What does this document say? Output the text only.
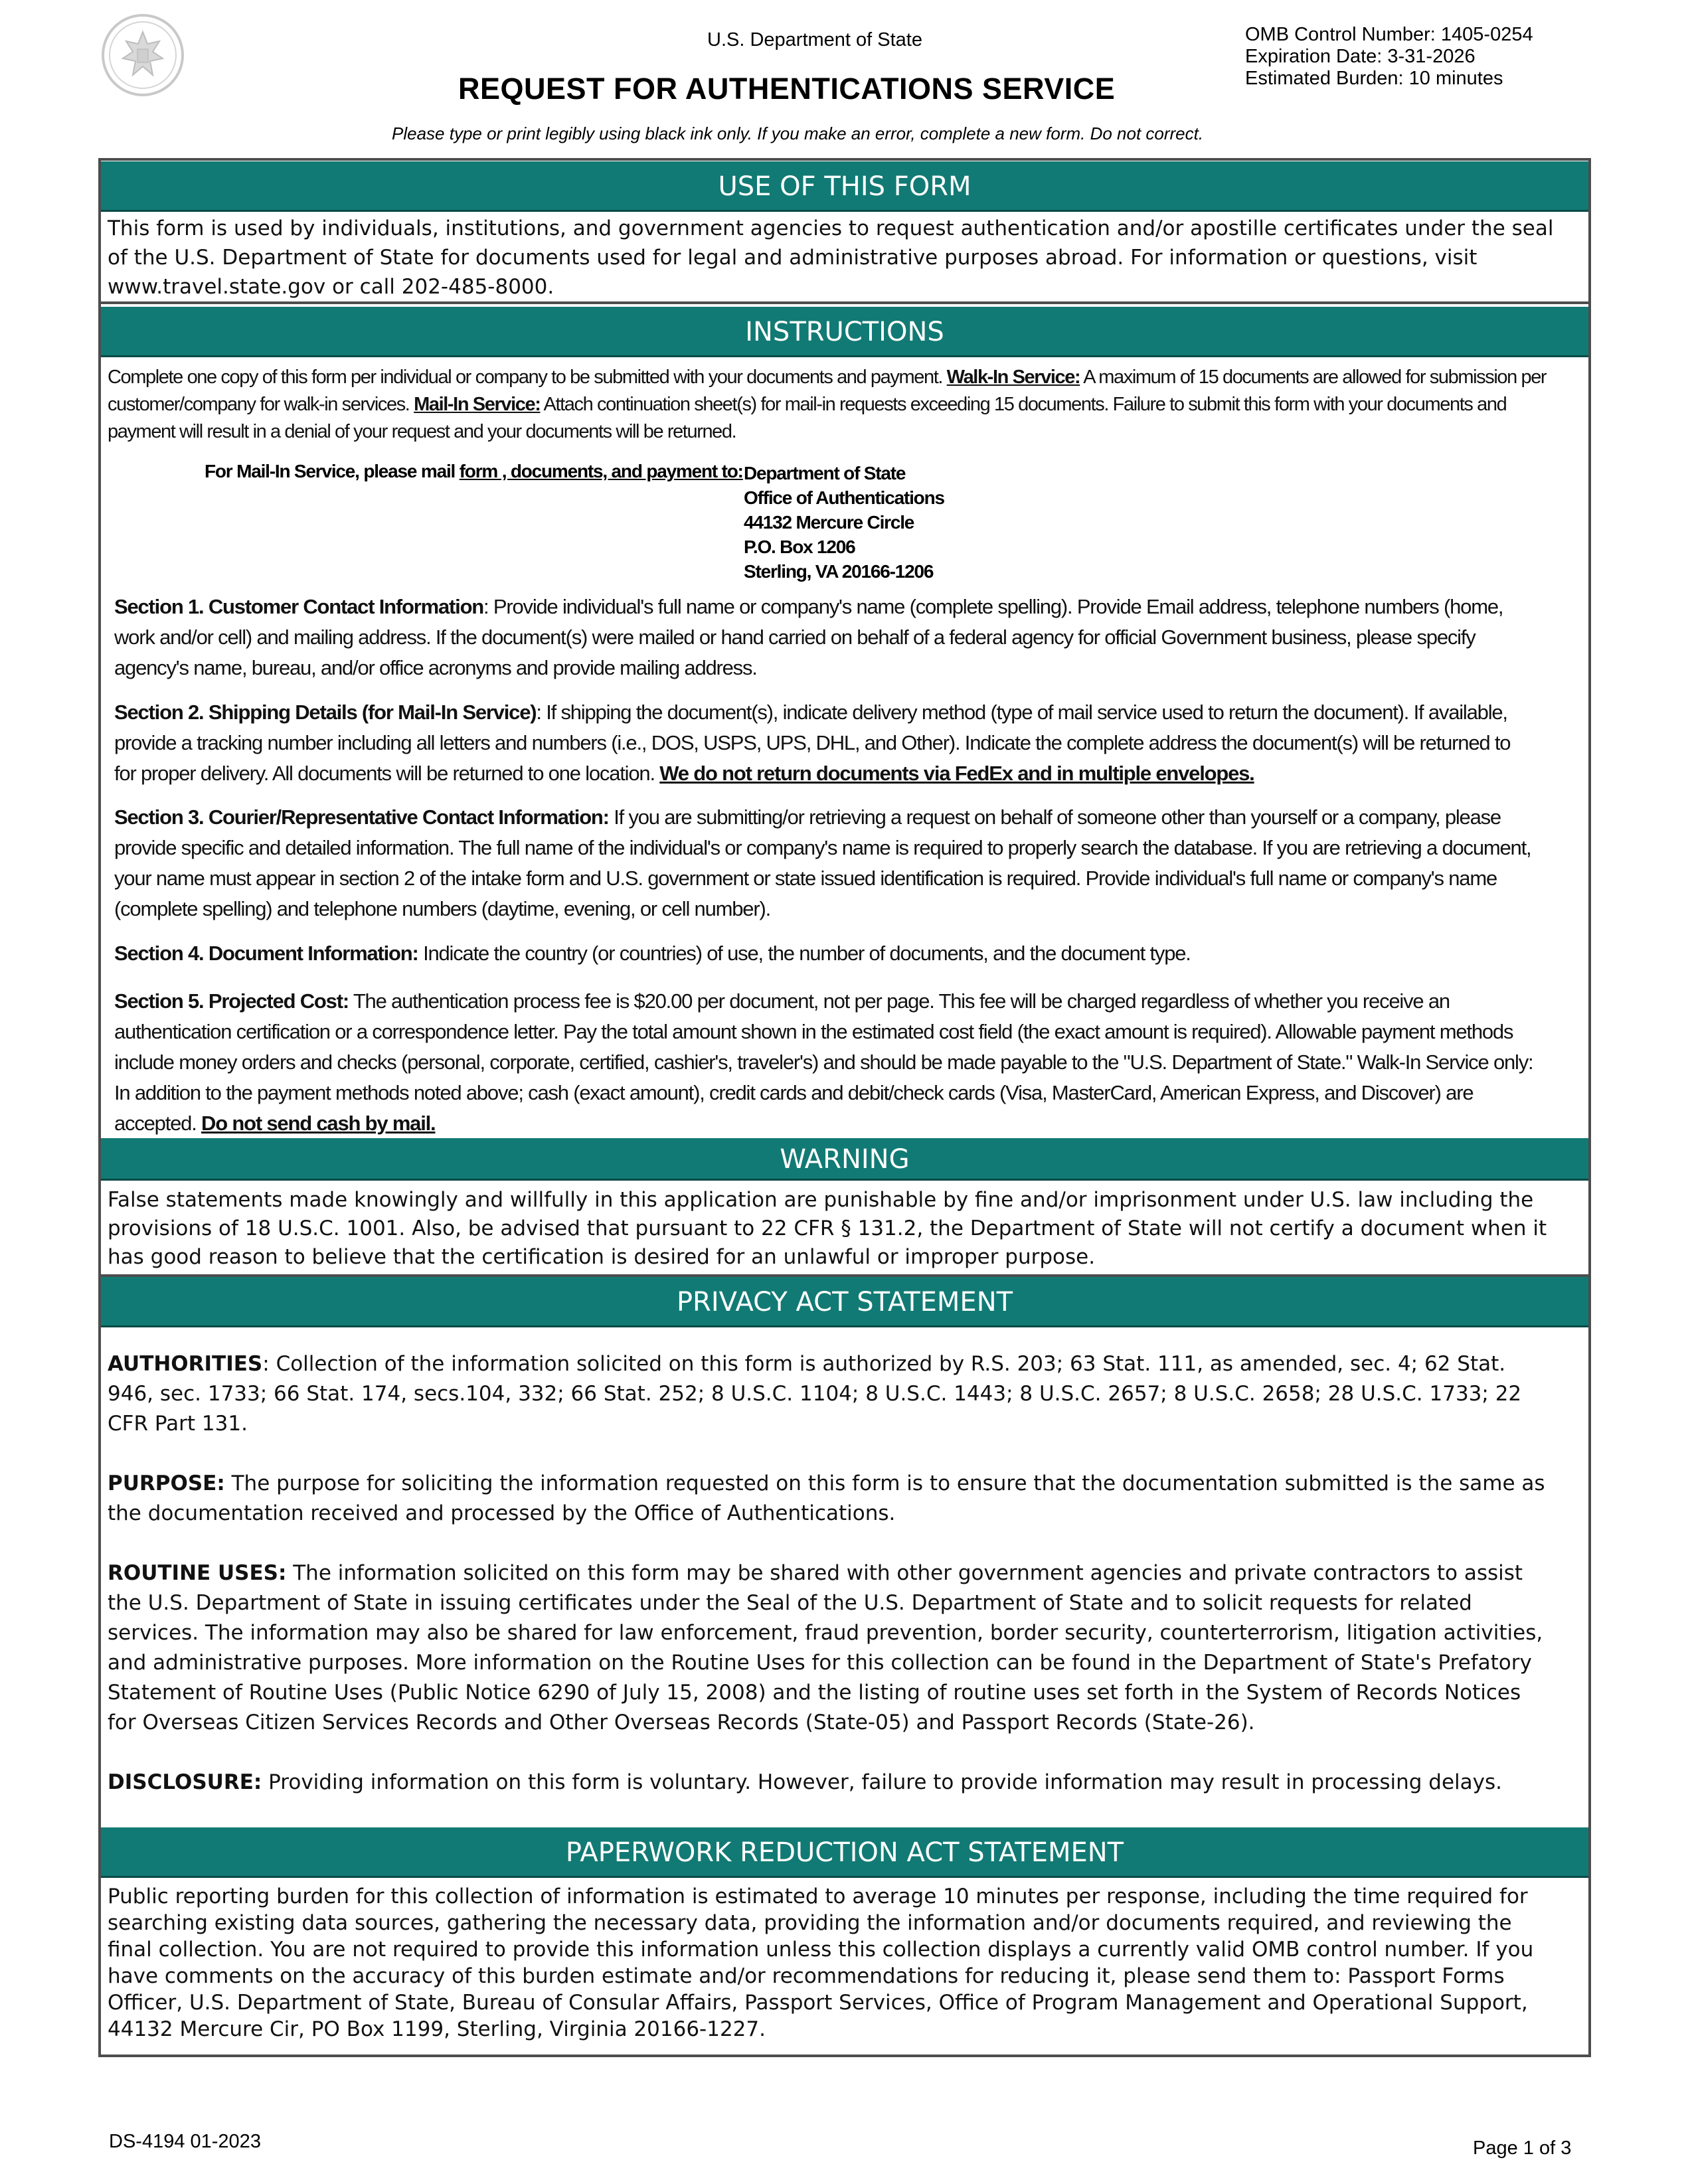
U.S. Department of State
REQUEST FOR AUTHENTICATIONS SERVICE
OMB Control Number: 1405-0254
Expiration Date: 3-31-2026
Estimated Burden: 10 minutes
Please type or print legibly using black ink only. If you make an error, complete a new form. Do not correct.
USE OF THIS FORM
This form is used by individuals, institutions, and government agencies to request authentication and/or apostille certificates under the seal of the U.S. Department of State for documents used for legal and administrative purposes abroad. For information or questions, visit www.travel.state.gov or call 202-485-8000.
INSTRUCTIONS
Complete one copy of this form per individual or company to be submitted with your documents and payment. Walk-In Service: A maximum of 15 documents are allowed for submission per customer/company for walk-in services. Mail-In Service: Attach continuation sheet(s) for mail-in requests exceeding 15 documents. Failure to submit this form with your documents and payment will result in a denial of your request and your documents will be returned.
For Mail-In Service, please mail form , documents, and payment to: Department of State
Office of Authentications
44132 Mercure Circle
P.O. Box 1206
Sterling, VA 20166-1206
Section 1. Customer Contact Information: Provide individual's full name or company's name (complete spelling). Provide Email address, telephone numbers (home, work and/or cell) and mailing address. If the document(s) were mailed or hand carried on behalf of a federal agency for official Government business, please specify agency's name, bureau, and/or office acronyms and provide mailing address.
Section 2. Shipping Details (for Mail-In Service): If shipping the document(s), indicate delivery method (type of mail service used to return the document). If available, provide a tracking number including all letters and numbers (i.e., DOS, USPS, UPS, DHL, and Other). Indicate the complete address the document(s) will be returned to for proper delivery. All documents will be returned to one location. We do not return documents via FedEx and in multiple envelopes.
Section 3. Courier/Representative Contact Information: If you are submitting/or retrieving a request on behalf of someone other than yourself or a company, please provide specific and detailed information. The full name of the individual's or company's name is required to properly search the database. If you are retrieving a document, your name must appear in section 2 of the intake form and U.S. government or state issued identification is required. Provide individual's full name or company's name (complete spelling) and telephone numbers (daytime, evening, or cell number).
Section 4. Document Information: Indicate the country (or countries) of use, the number of documents, and the document type.
Section 5. Projected Cost: The authentication process fee is $20.00 per document, not per page. This fee will be charged regardless of whether you receive an authentication certification or a correspondence letter. Pay the total amount shown in the estimated cost field (the exact amount is required). Allowable payment methods include money orders and checks (personal, corporate, certified, cashier's, traveler's) and should be made payable to the "U.S. Department of State." Walk-In Service only: In addition to the payment methods noted above; cash (exact amount), credit cards and debit/check cards (Visa, MasterCard, American Express, and Discover) are accepted. Do not send cash by mail.
WARNING
False statements made knowingly and willfully in this application are punishable by fine and/or imprisonment under U.S. law including the provisions of 18 U.S.C. 1001. Also, be advised that pursuant to 22 CFR § 131.2, the Department of State will not certify a document when it has good reason to believe that the certification is desired for an unlawful or improper purpose.
PRIVACY ACT STATEMENT

AUTHORITIES: Collection of the information solicited on this form is authorized by R.S. 203; 63 Stat. 111, as amended, sec. 4; 62 Stat. 946, sec. 1733; 66 Stat. 174, secs.104, 332; 66 Stat. 252; 8 U.S.C. 1104; 8 U.S.C. 1443; 8 U.S.C. 2657; 8 U.S.C. 2658; 28 U.S.C. 1733; 22 CFR Part 131.

PURPOSE: The purpose for soliciting the information requested on this form is to ensure that the documentation submitted is the same as the documentation received and processed by the Office of Authentications.

ROUTINE USES: The information solicited on this form may be shared with other government agencies and private contractors to assist the U.S. Department of State in issuing certificates under the Seal of the U.S. Department of State and to solicit requests for related services. The information may also be shared for law enforcement, fraud prevention, border security, counterterrorism, litigation activities, and administrative purposes. More information on the Routine Uses for this collection can be found in the Department of State's Prefatory Statement of Routine Uses (Public Notice 6290 of July 15, 2008) and the listing of routine uses set forth in the System of Records Notices for Overseas Citizen Services Records and Other Overseas Records (State-05) and Passport Records (State-26).

DISCLOSURE: Providing information on this form is voluntary. However, failure to provide information may result in processing delays.

PAPERWORK REDUCTION ACT STATEMENT
Public reporting burden for this collection of information is estimated to average 10 minutes per response, including the time required for searching existing data sources, gathering the necessary data, providing the information and/or documents required, and reviewing the final collection. You are not required to provide this information unless this collection displays a currently valid OMB control number. If you have comments on the accuracy of this burden estimate and/or recommendations for reducing it, please send them to: Passport Forms Officer, U.S. Department of State, Bureau of Consular Affairs, Passport Services, Office of Program Management and Operational Support, 44132 Mercure Cir, PO Box 1199, Sterling, Virginia 20166-1227.
DS-4194 01-2023	Page 1 of 3
